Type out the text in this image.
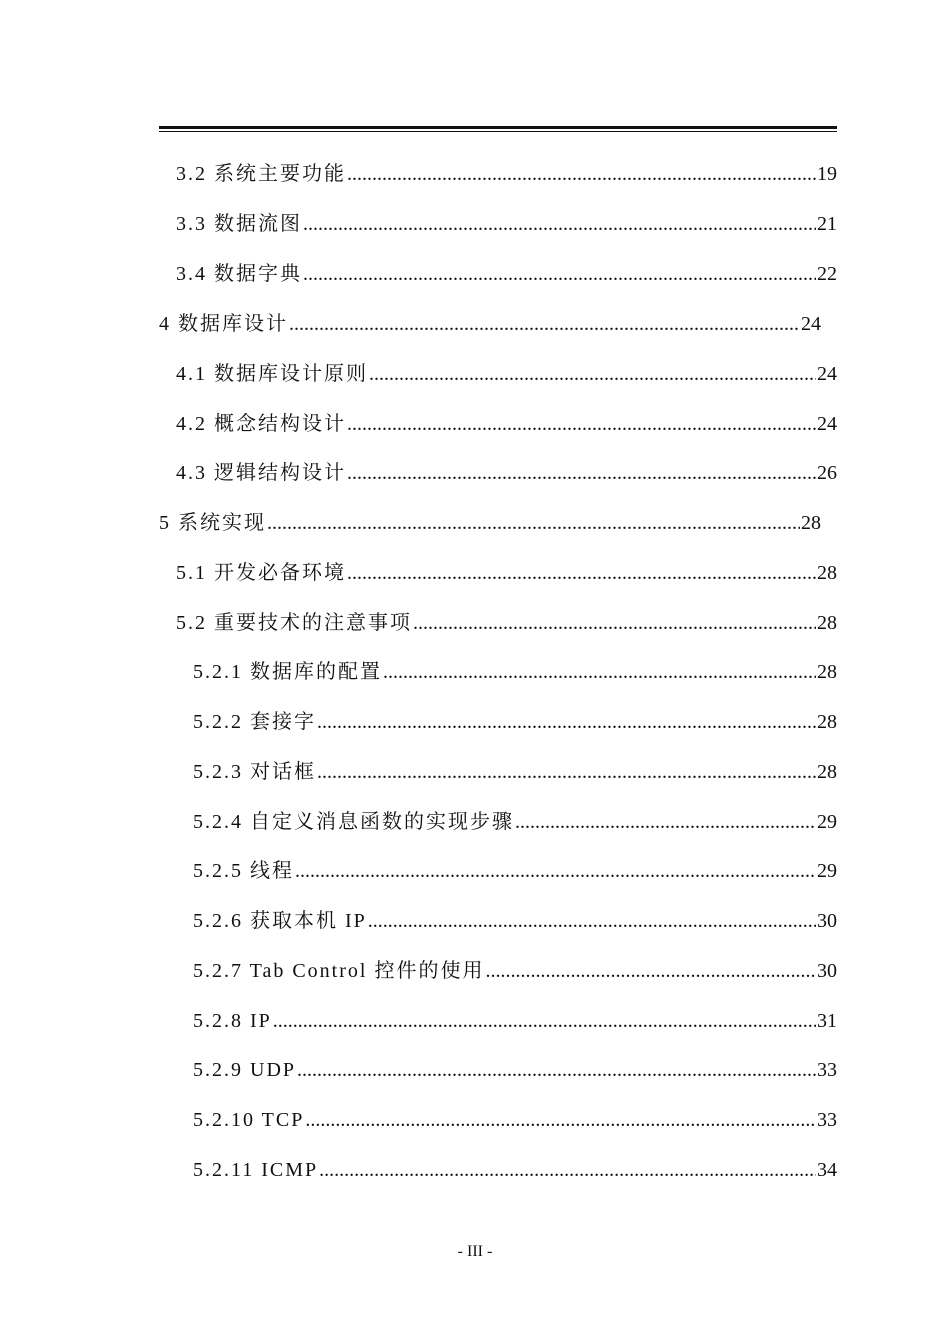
3.2 系统主要功能 .....	19
3.3 数据流图 .....	21
3.4 数据字典 .....	22
4 数据库设计 .....	24
4.1 数据库设计原则 .....	24
4.2 概念结构设计 .....	24
4.3 逻辑结构设计 .....	26
5 系统实现 .....	28
5.1 开发必备环境 .....	28
5.2 重要技术的注意事项 .....	28
5.2.1 数据库的配置 .....	28
5.2.2 套接字 .....	28
5.2.3 对话框 .....	28
5.2.4 自定义消息函数的实现步骤 .....	29
5.2.5 线程 .....	29
5.2.6 获取本机 IP .....	30
5.2.7 Tab Control 控件的使用 .....	30
5.2.8 IP .....	31
5.2.9 UDP .....	33
5.2.10 TCP .....	33
5.2.11 ICMP .....	34
- III -
